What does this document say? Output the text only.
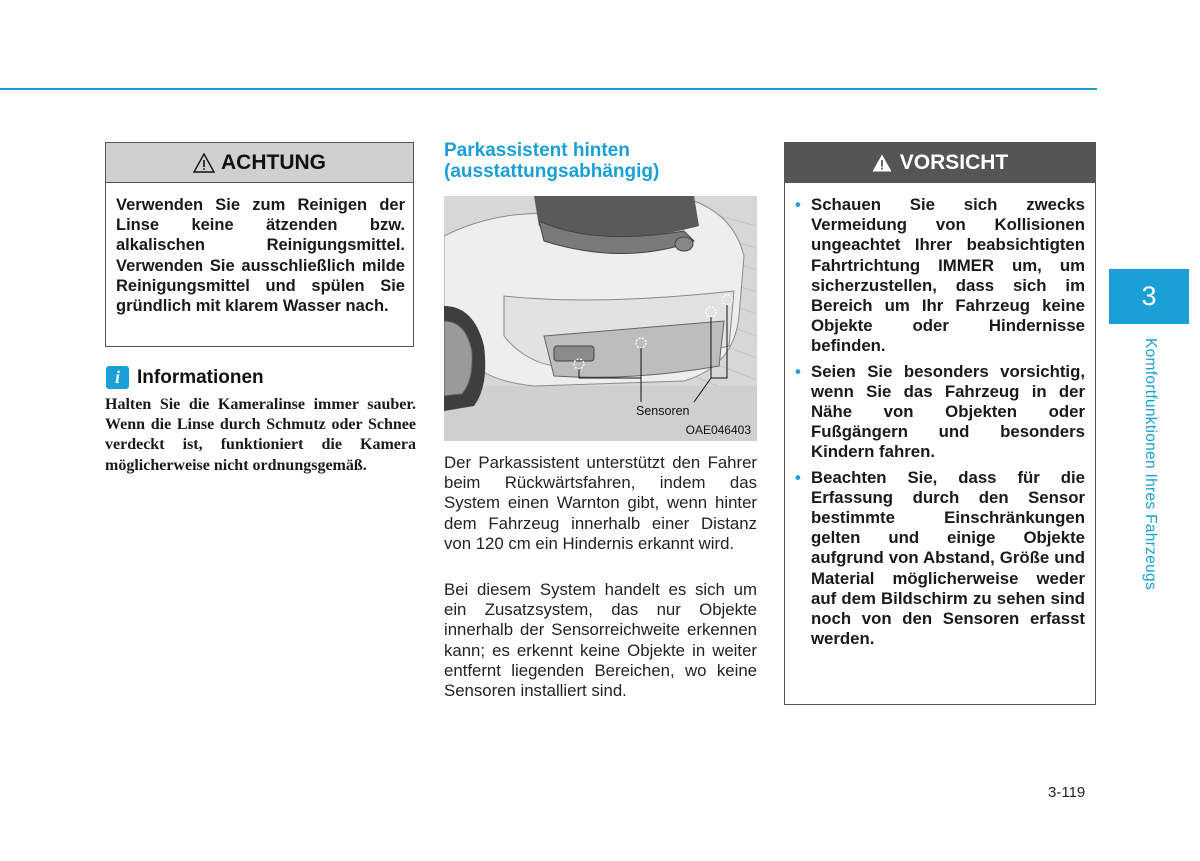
ACHTUNG
Verwenden Sie zum Reinigen der Linse keine ätzenden bzw. alkalischen Reinigungsmittel. Verwenden Sie ausschließlich milde Reinigungsmittel und spülen Sie gründlich mit klarem Wasser nach.
i Informationen
Halten Sie die Kameralinse immer sauber. Wenn die Linse durch Schmutz oder Schnee verdeckt ist, funktioniert die Kamera möglicherweise nicht ordnungsgemäß.
Parkassistent hinten
(ausstattungsabhängig)
Sensoren
OAE046403
Der Parkassistent unterstützt den Fahrer beim Rückwärtsfahren, indem das System einen Warnton gibt, wenn hinter dem Fahrzeug innerhalb einer Distanz von 120 cm ein Hindernis erkannt wird.
Bei diesem System handelt es sich um ein Zusatzsystem, das nur Objekte innerhalb der Sensorreichweite erkennen kann; es erkennt keine Objekte in weiter entfernt liegenden Bereichen, wo keine Sensoren installiert sind.
VORSICHT
• Schauen Sie sich zwecks Vermeidung von Kollisionen ungeachtet Ihrer beabsichtigten Fahrtrichtung IMMER um, um sicherzustellen, dass sich im Bereich um Ihr Fahrzeug keine Objekte oder Hindernisse befinden.
• Seien Sie besonders vorsichtig, wenn Sie das Fahrzeug in der Nähe von Objekten oder Fußgängern und besonders Kindern fahren.
• Beachten Sie, dass für die Erfassung durch den Sensor bestimmte Einschränkungen gelten und einige Objekte aufgrund von Abstand, Größe und Material möglicherweise weder auf dem Bildschirm zu sehen sind noch von den Sensoren erfasst werden.
3
Komfortfunktionen Ihres Fahrzeugs
3-119
